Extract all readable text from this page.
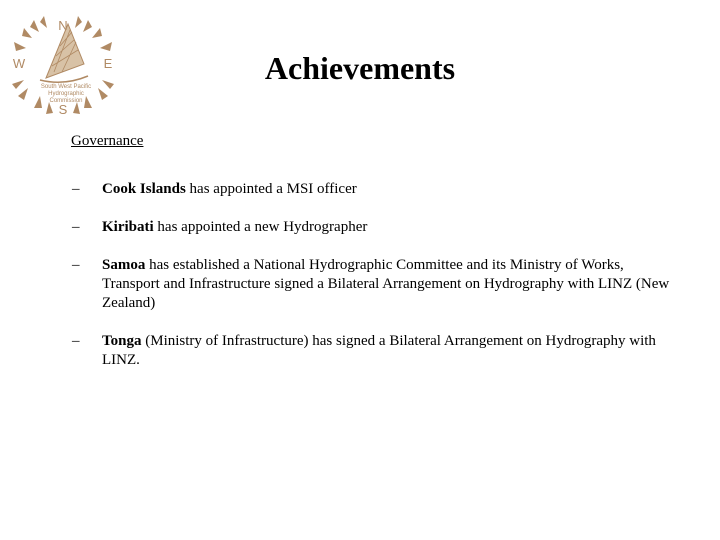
N
E
S
W
South West Pacific
Hydrographic
Commission
Achievements
Governance
–	Cook Islands has appointed a MSI officer
–	Kiribati has appointed a new Hydrographer
–	Samoa has established a National Hydrographic Committee and its Ministry of Works, Transport and Infrastructure signed a Bilateral Arrangement on Hydrography with LINZ (New Zealand)
–	Tonga (Ministry of Infrastructure) has signed a Bilateral Arrangement on Hydrography with LINZ.
